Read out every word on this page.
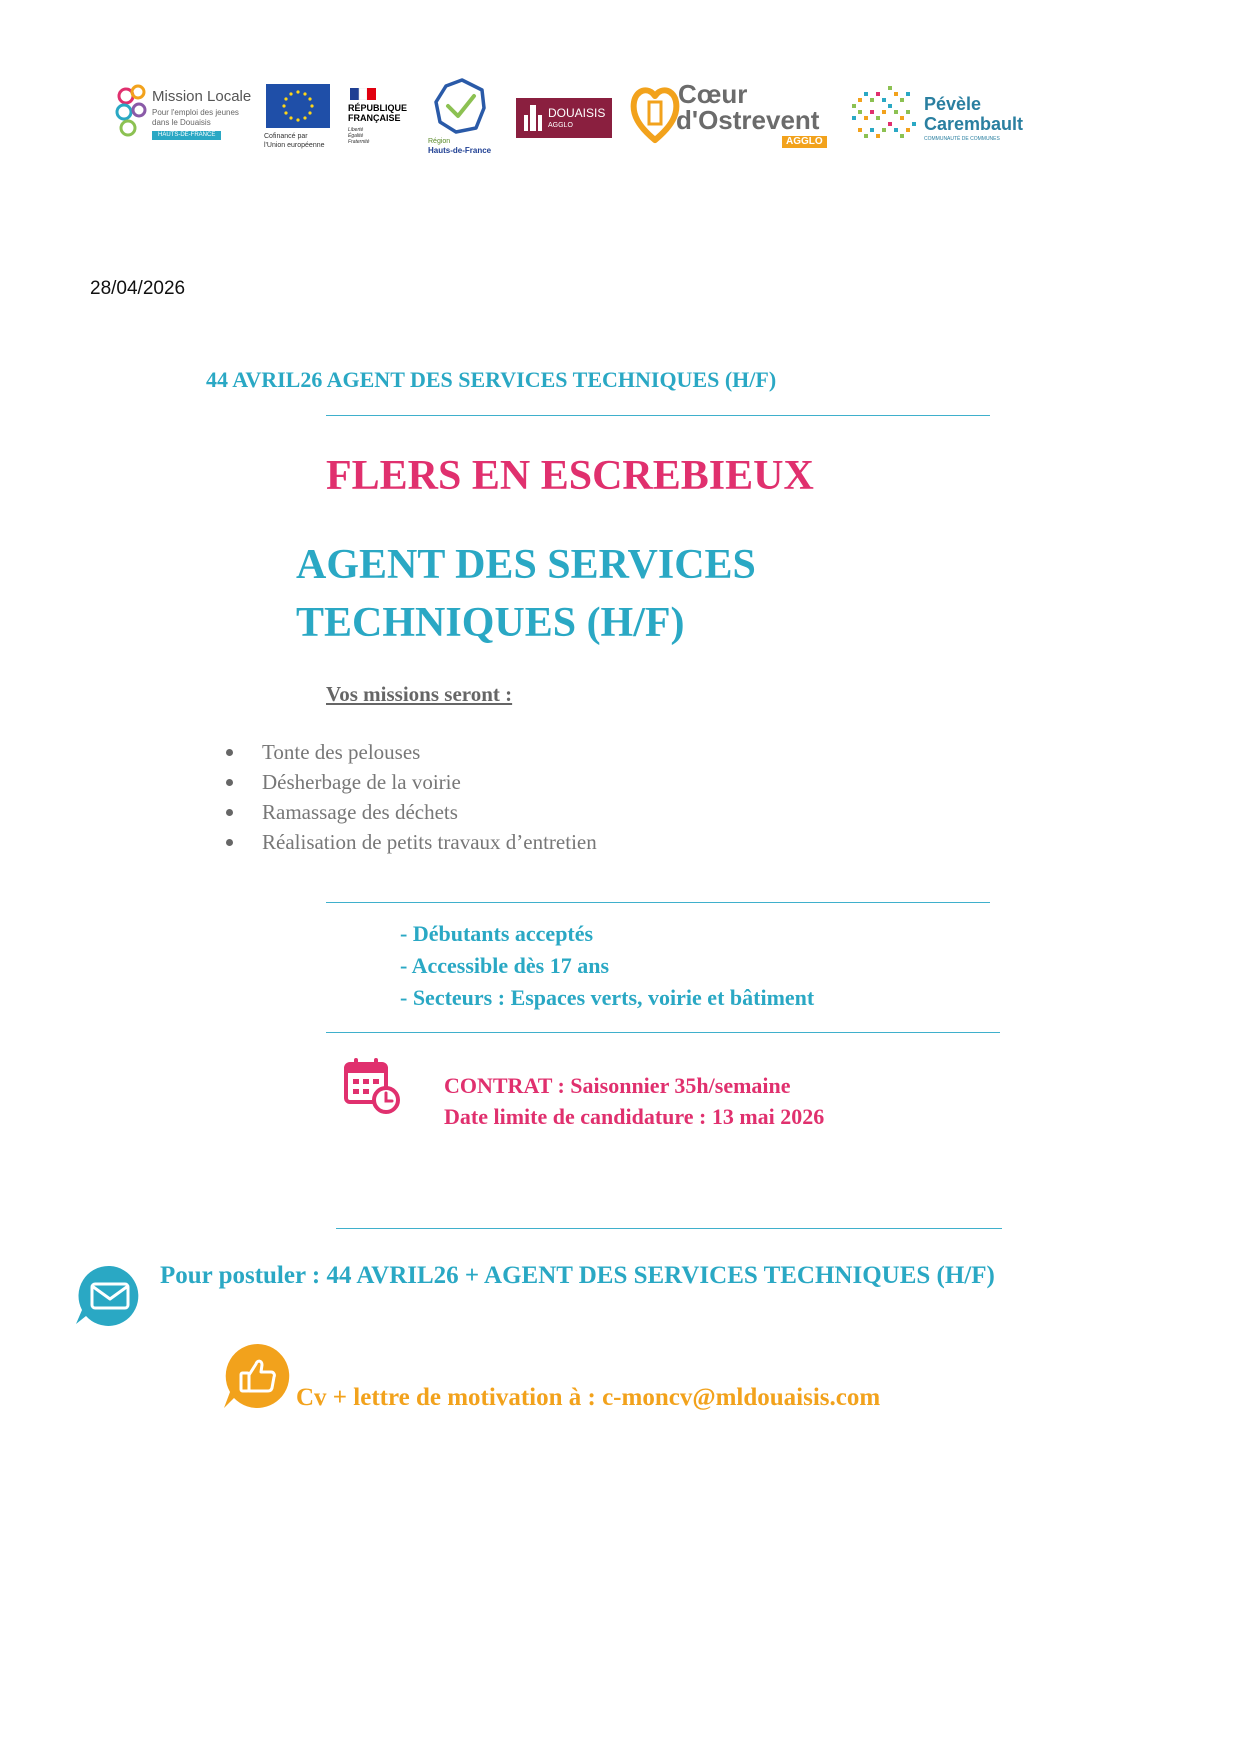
Mission Locale
Pour l'emploi des jeunes
dans le Douaisis
HAUTS-DE-FRANCE	Cofinancé par
l'Union européenne
RÉPUBLIQUE
FRANÇAISE
Liberté
Égalité
Fraternité	Région
Hauts-de-France
DOUAISIS
AGGLO
Cœur
d'Ostrevent
AGGLO
Pévèle
Carembault
COMMUNAUTÉ DE COMMUNES
28/04/2026
44 AVRIL26 AGENT DES SERVICES TECHNIQUES (H/F)
FLERS EN ESCREBIEUX
AGENT DES SERVICES
TECHNIQUES (H/F)
Vos missions seront :
Tonte des pelouses
Désherbage de la voirie
Ramassage des déchets
Réalisation de petits travaux d’entretien
- Débutants acceptés
- Accessible dès 17 ans
- Secteurs : Espaces verts, voirie et bâtiment
CONTRAT : Saisonnier 35h/semaine
Date limite de candidature : 13 mai 2026
Pour postuler : 44 AVRIL26 + AGENT DES SERVICES TECHNIQUES (H/F)
Cv + lettre de motivation à : c-moncv@mldouaisis.com
